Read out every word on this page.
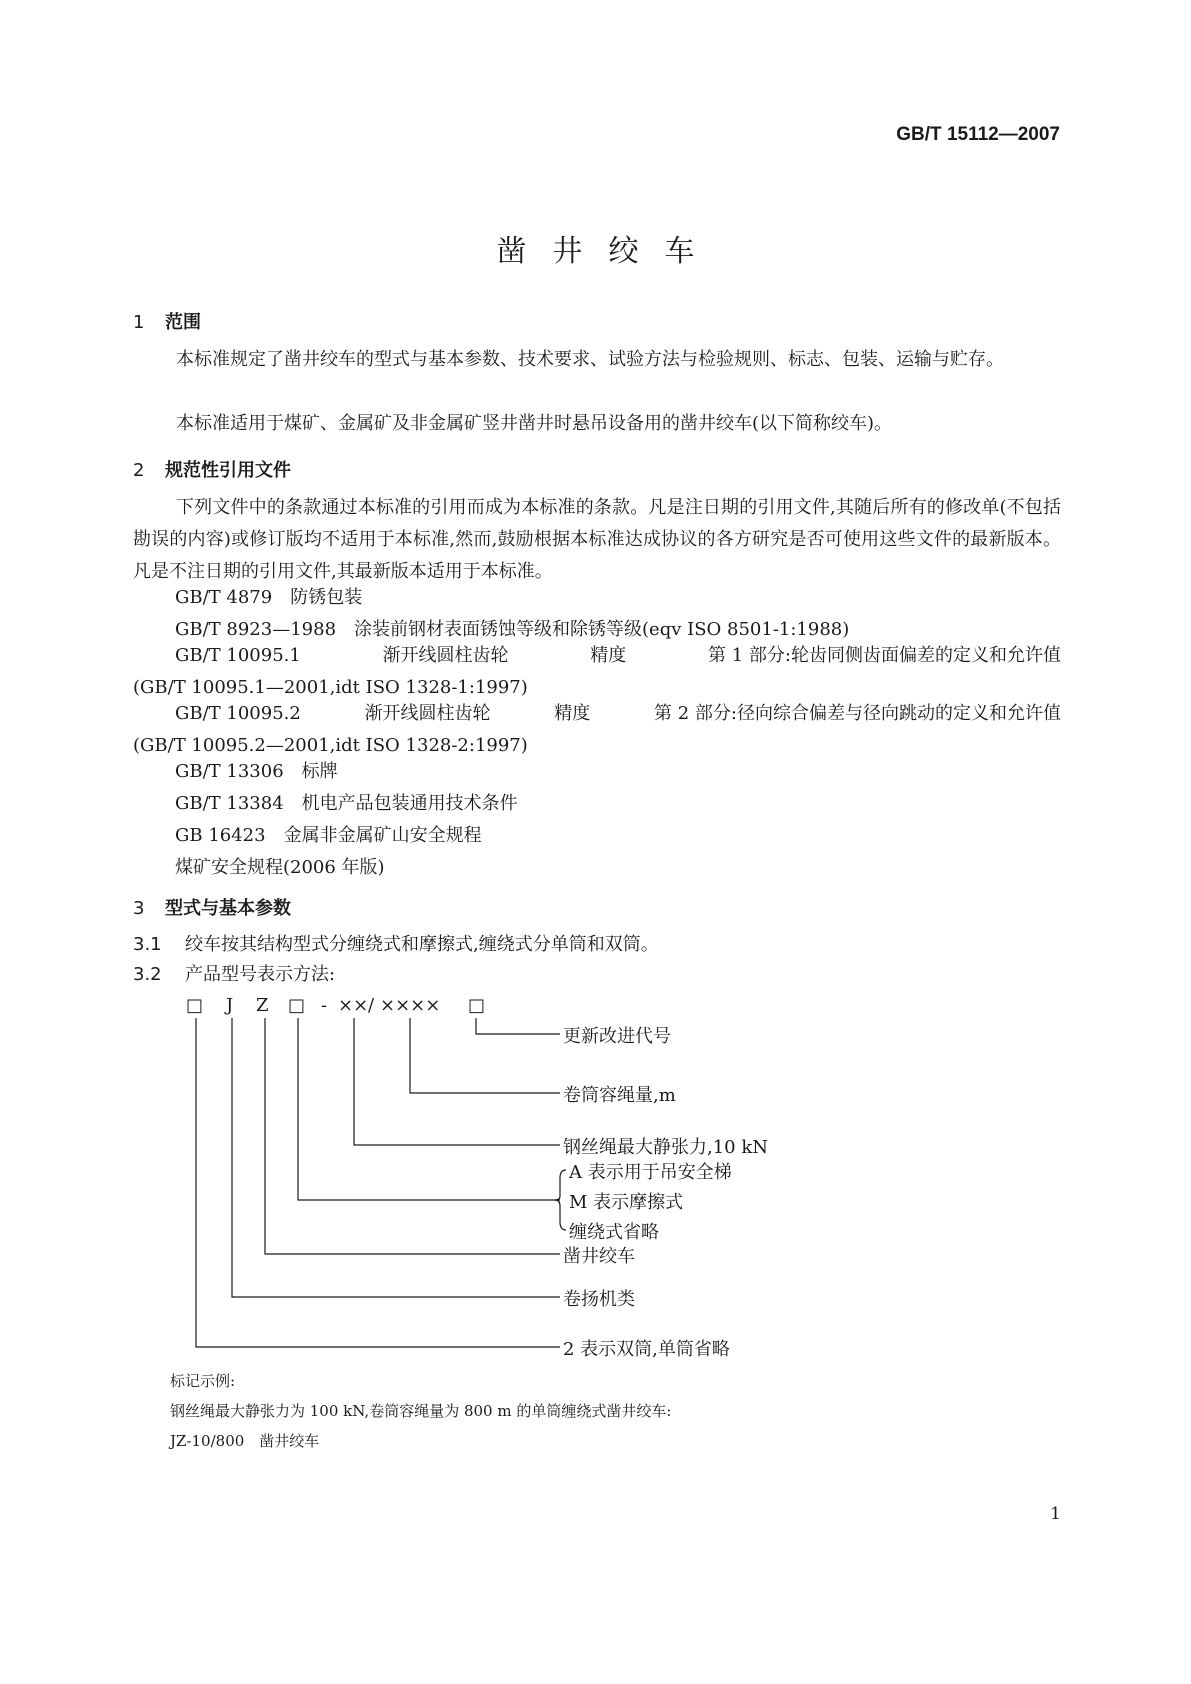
GB/T 15112—2007
凿井绞车
1 范围
本标准规定了凿井绞车的型式与基本参数、技术要求、试验方法与检验规则、标志、包装、运输与贮存。
本标准适用于煤矿、金属矿及非金属矿竖井凿井时悬吊设备用的凿井绞车(以下简称绞车)。
2 规范性引用文件
下列文件中的条款通过本标准的引用而成为本标准的条款。凡是注日期的引用文件,其随后所有的修改单(不包括勘误的内容)或修订版均不适用于本标准,然而,鼓励根据本标准达成协议的各方研究是否可使用这些文件的最新版本。凡是不注日期的引用文件,其最新版本适用于本标准。
GB/T 4879　防锈包装
GB/T 8923—1988　涂装前钢材表面锈蚀等级和除锈等级(eqv ISO 8501-1:1988)
GB/T 10095.1	渐开线圆柱齿轮	精度	第 1 部分:轮齿同侧齿面偏差的定义和允许值
(GB/T 10095.1—2001,idt ISO 1328-1:1997)
GB/T 10095.2	渐开线圆柱齿轮	精度	第 2 部分:径向综合偏差与径向跳动的定义和允许值
(GB/T 10095.2—2001,idt ISO 1328-2:1997)
GB/T 13306　标牌
GB/T 13384　机电产品包装通用技术条件
GB 16423　金属非金属矿山安全规程
煤矿安全规程(2006 年版)
3 型式与基本参数
3.1 绞车按其结构型式分缠绕式和摩擦式,缠绕式分单筒和双筒。
3.2 产品型号表示方法:
□ J Z □ - ×× / ×××× □
更新改进代号
卷筒容绳量,m
钢丝绳最大静张力,10 kN
A 表示用于吊安全梯
M 表示摩擦式
缠绕式省略
凿井绞车
卷扬机类
2 表示双筒,单筒省略
标记示例:
钢丝绳最大静张力为 100 kN,卷筒容绳量为 800 m 的单筒缠绕式凿井绞车:
JZ-10/800　凿井绞车
1
